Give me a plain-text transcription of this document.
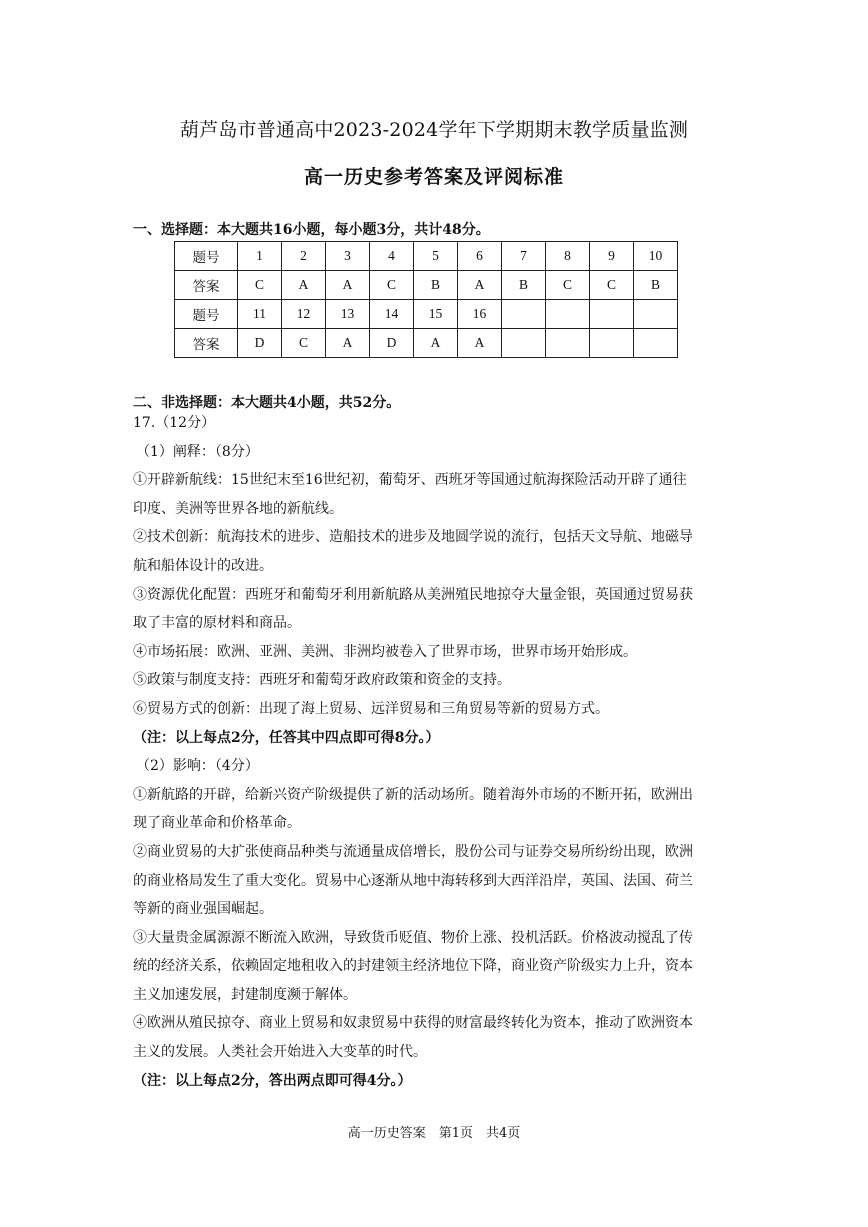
葫芦岛市普通高中2023-2024学年下学期期末教学质量监测
高一历史参考答案及评阅标准
一、选择题：本大题共16小题，每小题3分，共计48分。
题号	1	2	3	4	5	6	7	8	9	10
答案	C	A	A	C	B	A	B	C	C	B
题号	11	12	13	14	15	16				
答案	D	C	A	D	A	A				
二、非选择题：本大题共4小题，共52分。

17.（12分）

（1）阐释：（8分）

①开辟新航线：15世纪末至16世纪初，葡萄牙、西班牙等国通过航海探险活动开辟了通往

印度、美洲等世界各地的新航线。

②技术创新：航海技术的进步、造船技术的进步及地圆学说的流行，包括天文导航、地磁导

航和船体设计的改进。

③资源优化配置：西班牙和葡萄牙利用新航路从美洲殖民地掠夺大量金银，英国通过贸易获

取了丰富的原材料和商品。

④市场拓展：欧洲、亚洲、美洲、非洲均被卷入了世界市场，世界市场开始形成。

⑤政策与制度支持：西班牙和葡萄牙政府政策和资金的支持。

⑥贸易方式的创新：出现了海上贸易、远洋贸易和三角贸易等新的贸易方式。

（注：以上每点2分，任答其中四点即可得8分。）

（2）影响：（4分）

①新航路的开辟，给新兴资产阶级提供了新的活动场所。随着海外市场的不断开拓，欧洲出

现了商业革命和价格革命。

②商业贸易的大扩张使商品种类与流通量成倍增长，股份公司与证券交易所纷纷出现，欧洲

的商业格局发生了重大变化。贸易中心逐渐从地中海转移到大西洋沿岸，英国、法国、荷兰

等新的商业强国崛起。

③大量贵金属源源不断流入欧洲，导致货币贬值、物价上涨、投机活跃。价格波动搅乱了传

统的经济关系，依赖固定地租收入的封建领主经济地位下降，商业资产阶级实力上升，资本

主义加速发展，封建制度濒于解体。

④欧洲从殖民掠夺、商业上贸易和奴隶贸易中获得的财富最终转化为资本，推动了欧洲资本

主义的发展。人类社会开始进入大变革的时代。

（注：以上每点2分，答出两点即可得4分。）

高一历史答案　第1页　共4页
